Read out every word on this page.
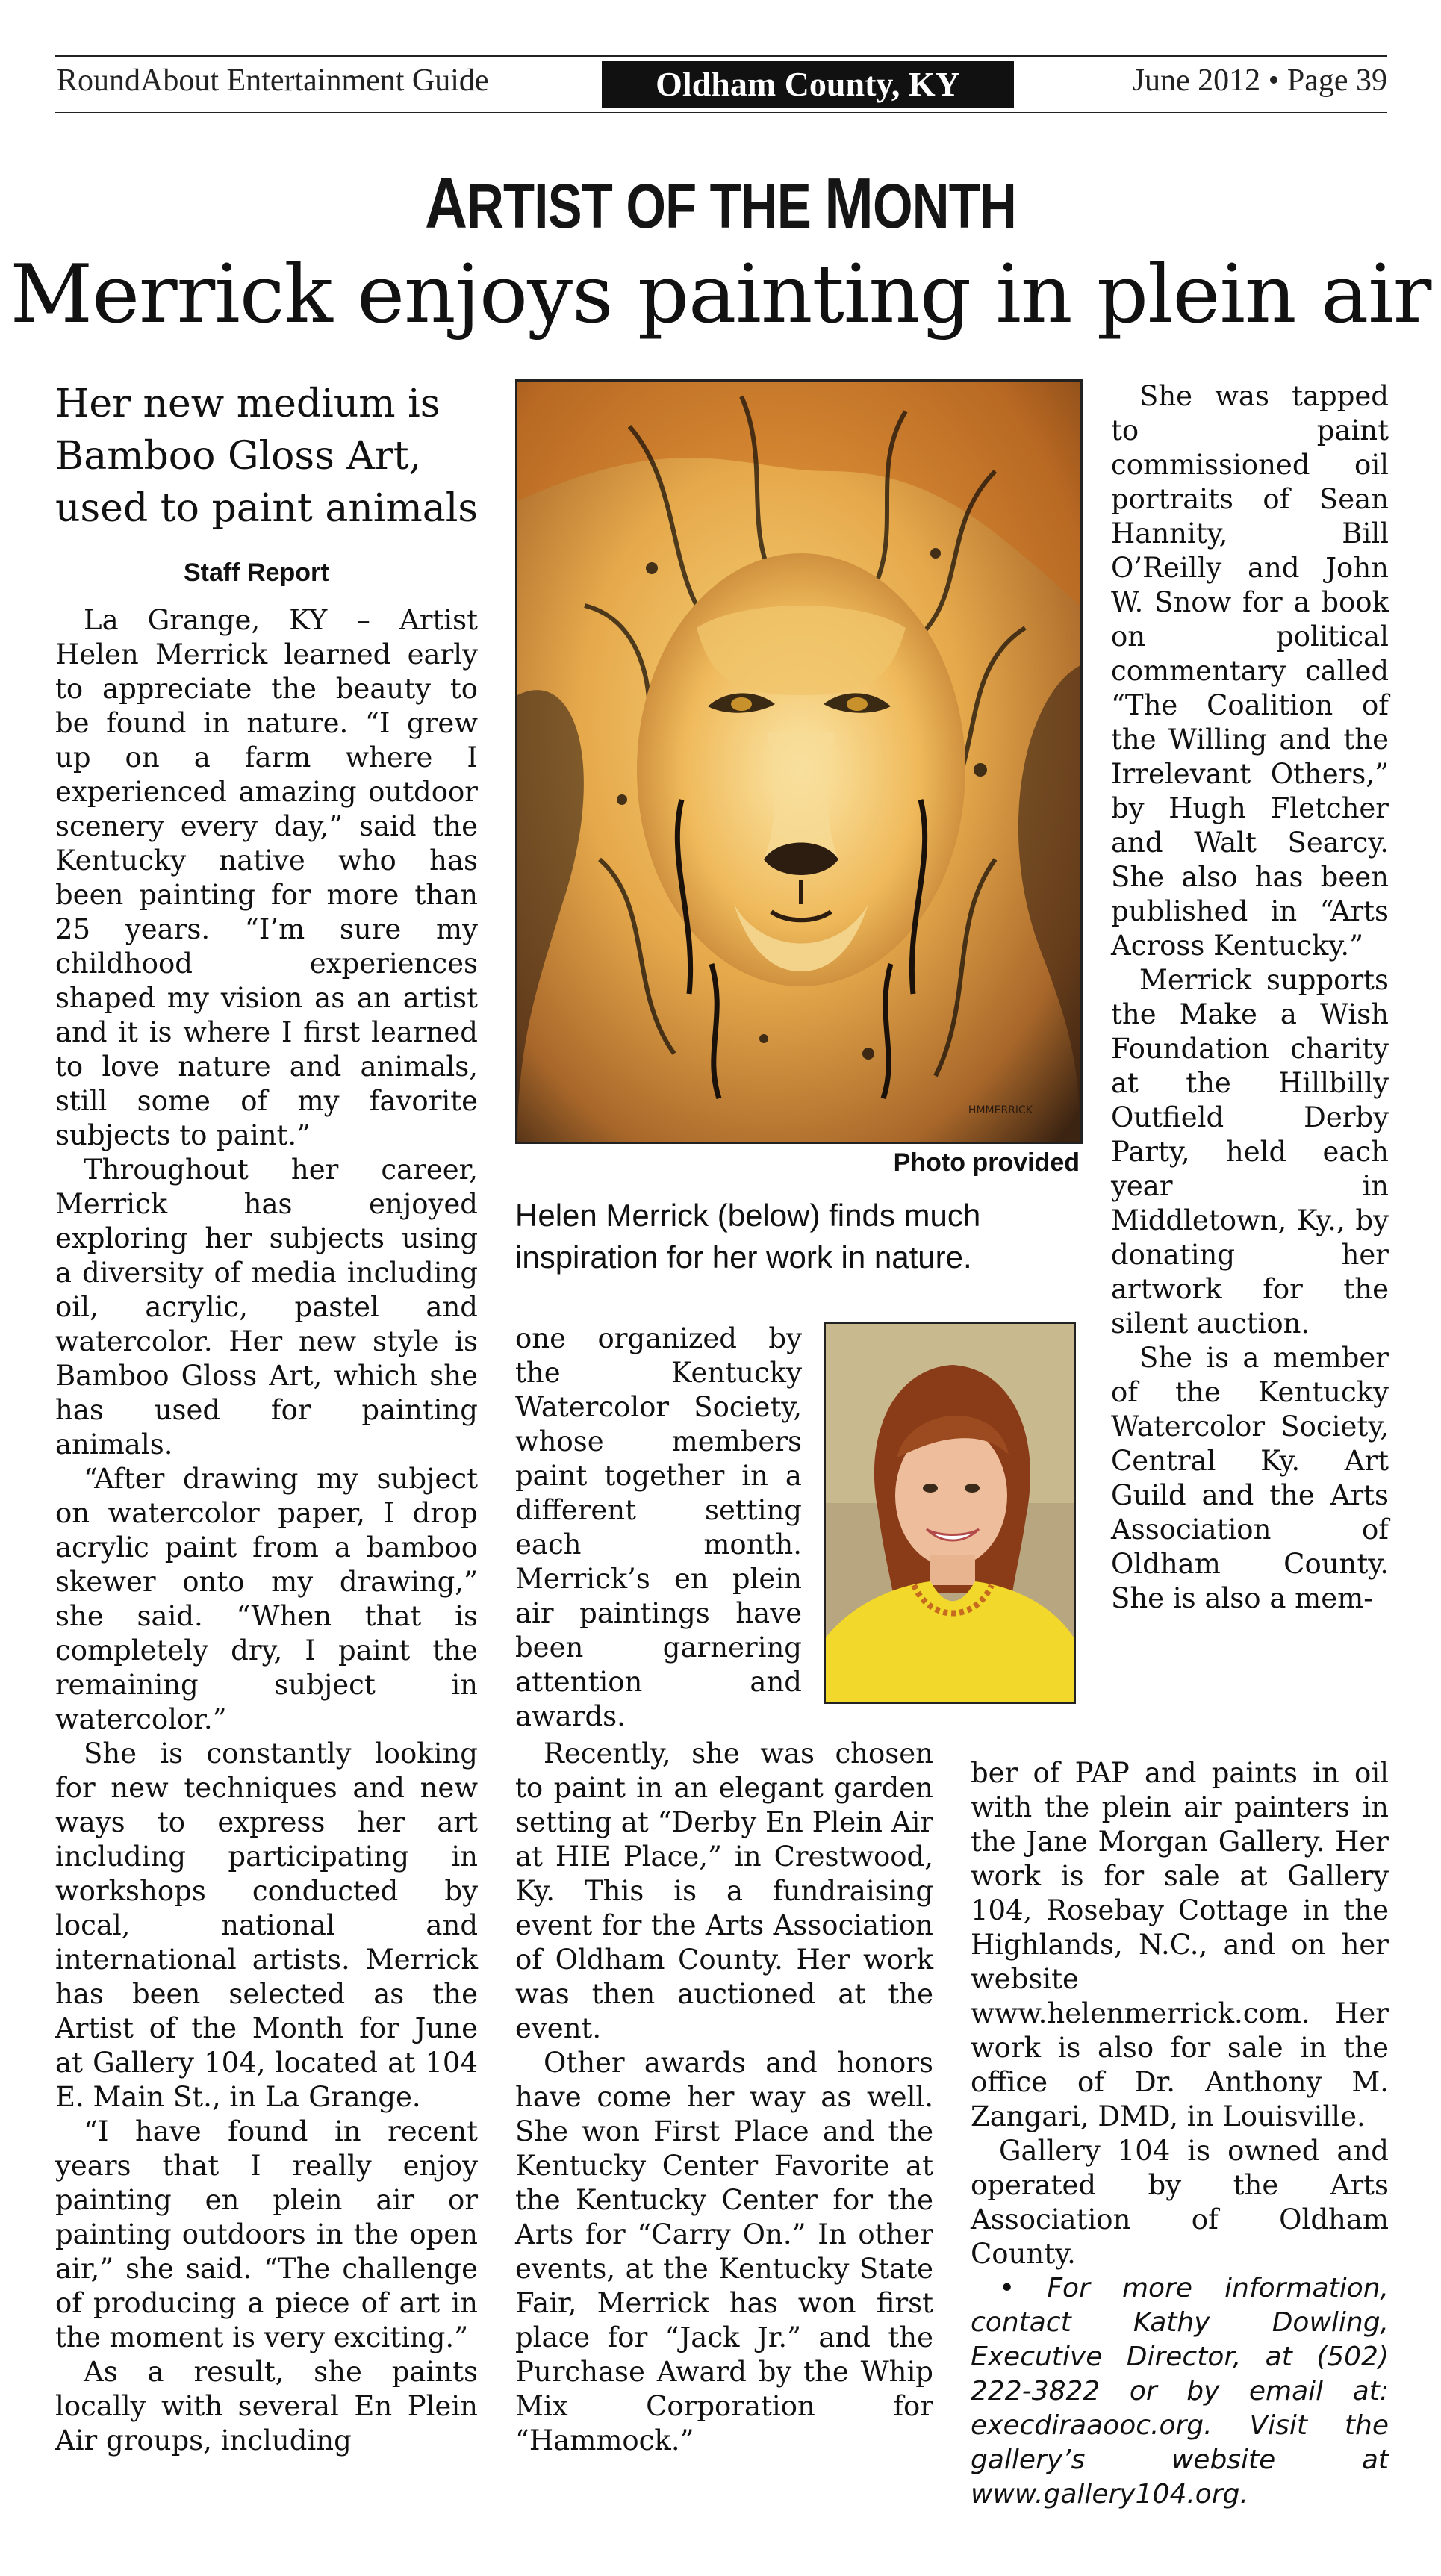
RoundAbout Entertainment Guide	Oldham County, KY	June 2012 • Page 39
ARTIST OF THE MONTH
Merrick enjoys painting in plein air
Her new medium is Bamboo Gloss Art, used to paint animals
Staff Report

La Grange, KY – Artist Helen Merrick learned early to appreciate the beauty to be found in nature. “I grew up on a farm where I experienced amazing outdoor scenery every day,” said the Kentucky native who has been painting for more than 25 years. “I’m sure my childhood experiences shaped my vision as an artist and it is where I first learned to love nature and animals, still some of my favorite subjects to paint.”

Throughout her career, Merrick has enjoyed exploring her subjects using a diversity of media including oil, acrylic, pastel and watercolor. Her new style is Bamboo Gloss Art, which she has used for painting animals.

“After drawing my subject on watercolor paper, I drop acrylic paint from a bamboo skewer onto my drawing,” she said. “When that is completely dry, I paint the remaining subject in watercolor.”

She is constantly looking for new techniques and new ways to express her art including participating in workshops conducted by local, national and international artists. Merrick has been selected as the Artist of the Month for June at Gallery 104, located at 104 E. Main St., in La Grange.

“I have found in recent years that I really enjoy painting en plein air or painting outdoors in the open air,” she said. “The challenge of producing a piece of art in the moment is very exciting.”

As a result, she paints locally with several En Plein Air groups, including

HMMERRICK
Photo provided
Helen Merrick (below) finds much inspiration for her work in nature.

one organized by the Kentucky Watercolor Society, whose members paint together in a different setting each month. Merrick’s en plein air paintings have been garnering attention and awards.

Recently, she was chosen to paint in an elegant garden setting at “Derby En Plein Air at HIE Place,” in Crestwood, Ky. This is a fundraising event for the Arts Association of Oldham County. Her work was then auctioned at the event.

Other awards and honors have come her way as well. She won First Place and the Kentucky Center Favorite at the Kentucky Center for the Arts for “Carry On.” In other events, at the Kentucky State Fair, Merrick has won first place for “Jack Jr.” and the Purchase Award by the Whip Mix Corporation for “Hammock.”

She was tapped to paint commissioned oil portraits of Sean Hannity, Bill O’Reilly and John W. Snow for a book on political commentary called “The Coalition of the Willing and the Irrelevant Others,” by Hugh Fletcher and Walt Searcy. She also has been published in “Arts Across Kentucky.”

Merrick supports the Make a Wish Foundation charity at the Hillbilly Outfield Derby Party, held each year in Middletown, Ky., by donating her artwork for the silent auction.

She is a member of the Kentucky Watercolor Society, Central Ky. Art Guild and the Arts Association of Oldham County. She is also a mem-

ber of PAP and paints in oil with the plein air painters in the Jane Morgan Gallery. Her work is for sale at Gallery 104, Rosebay Cottage in the Highlands, N.C., and on her website www.helenmerrick.com. Her work is also for sale in the office of Dr. Anthony M. Zangari, DMD, in Louisville.

Gallery 104 is owned and operated by the Arts Association of Oldham County.

• For more information, contact Kathy Dowling, Executive Director, at (502) 222-3822 or by email at: execdiraaooc.org. Visit the gallery’s website at www.gallery104.org.
